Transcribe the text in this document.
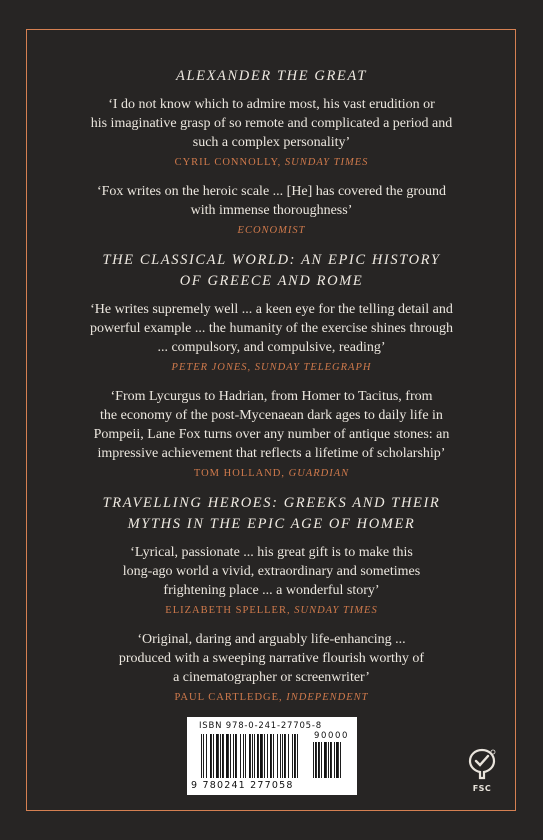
ALEXANDER THE GREAT

‘I do not know which to admire most, his vast erudition or
his imaginative grasp of so remote and complicated a period and
such a complex personality’

CYRIL CONNOLLY, SUNDAY TIMES

‘Fox writes on the heroic scale ... [He] has covered the ground
with immense thoroughness’

ECONOMIST

THE CLASSICAL WORLD: AN EPIC HISTORY
OF GREECE AND ROME

‘He writes supremely well ... a keen eye for the telling detail and
powerful example ... the humanity of the exercise shines through
... compulsory, and compulsive, reading’

PETER JONES, SUNDAY TELEGRAPH

‘From Lycurgus to Hadrian, from Homer to Tacitus, from
the economy of the post-Mycenaean dark ages to daily life in
Pompeii, Lane Fox turns over any number of antique stones: an
impressive achievement that reflects a lifetime of scholarship’

TOM HOLLAND, GUARDIAN

TRAVELLING HEROES: GREEKS AND THEIR
MYTHS IN THE EPIC AGE OF HOMER

‘Lyrical, passionate ... his great gift is to make this
long-ago world a vivid, extraordinary and sometimes
frightening place ... a wonderful story’

ELIZABETH SPELLER, SUNDAY TIMES

‘Original, daring and arguably life-enhancing ...
produced with a sweeping narrative flourish worthy of
a cinematographer or screenwriter’

PAUL CARTLEDGE, INDEPENDENT

ISBN 978-0-241-27705-8
90000
9 780241 277058	FSC
